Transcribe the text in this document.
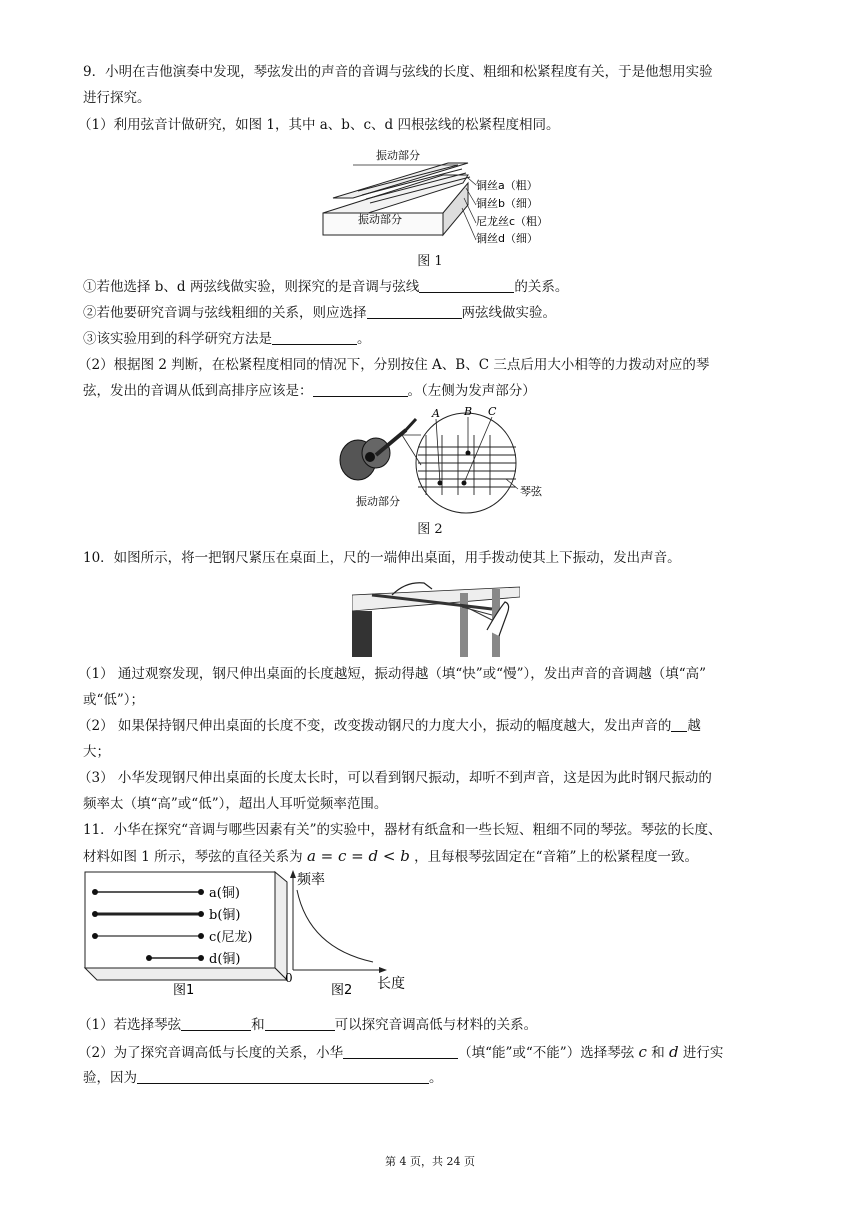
9．小明在吉他演奏中发现，琴弦发出的声音的音调与弦线的长度、粗细和松紧程度有关，于是他想用实验
进行探究。
（1）利用弦音计做研究，如图 1，其中 a、b、c、d 四根弦线的松紧程度相同。
振动部分
振动部分
铜丝a（粗）
铜丝b（细）
尼龙丝c（粗）
铜丝d（细）
图 1
①若他选择 b、d 两弦线做实验，则探究的是音调与弦线	的关系。
②若他要研究音调与弦线粗细的关系，则应选择	两弦线做实验。
③该实验用到的科学研究方法是	。
（2）根据图 2 判断，在松紧程度相同的情况下，分别按住 A、B、C 三点后用大小相等的力拨动对应的琴
弦，发出的音调从低到高排序应该是：	。（左侧为发声部分）
A B C
琴弦
振动部分
图 2
10．如图所示，将一把钢尺紧压在桌面上，尺的一端伸出桌面，用手拨动使其上下振动，发出声音。
（1） 通过观察发现，钢尺伸出桌面的长度越短，振动得越（填“快”或“慢”），发出声音的音调越（填“高”
或“低”）；
（2） 如果保持钢尺伸出桌面的长度不变，改变拨动钢尺的力度大小，振动的幅度越大，发出声音的 越
大；
（3） 小华发现钢尺伸出桌面的长度太长时，可以看到钢尺振动，却听不到声音，这是因为此时钢尺振动的
频率太（填“高”或“低”），超出人耳听觉频率范围。
11．小华在探究“音调与哪些因素有关”的实验中，器材有纸盒和一些长短、粗细不同的琴弦。琴弦的长度、
材料如图 1 所示，琴弦的直径关系为 a = c = d < b ，且每根琴弦固定在“音箱”上的松紧程度一致。
a(铜)
b(铜)
c(尼龙)
d(铜)
图1
频率
0	长度
图2
（1）若选择琴弦	和	可以探究音调高低与材料的关系。
（2）为了探究音调高低与长度的关系，小华	（填“能”或“不能”）选择琴弦 c 和 d 进行实
验，因为	。
第 4 页，共 24 页
